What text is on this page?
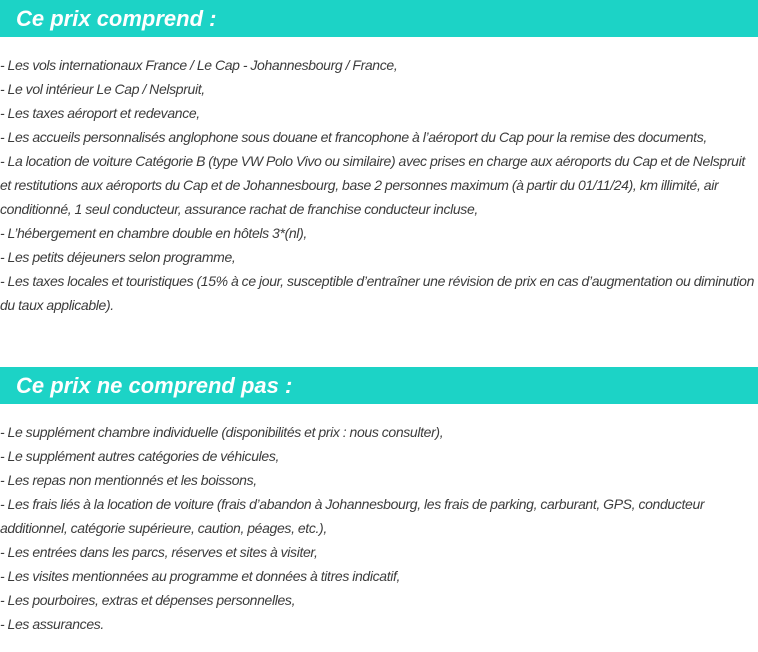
Ce prix comprend :
- Les vols internationaux France / Le Cap - Johannesbourg / France,
- Le vol intérieur Le Cap / Nelspruit,
- Les taxes aéroport et redevance,
- Les accueils personnalisés anglophone sous douane et francophone à l’aéroport du Cap pour la remise des documents,
- La location de voiture Catégorie B (type VW Polo Vivo ou similaire) avec prises en charge aux aéroports du Cap et de Nelspruit et restitutions aux aéroports du Cap et de Johannesbourg, base 2 personnes maximum (à partir du 01/11/24), km illimité, air conditionné, 1 seul conducteur, assurance rachat de franchise conducteur incluse,
- L’hébergement en chambre double en hôtels 3*(nl),
- Les petits déjeuners selon programme,
- Les taxes locales et touristiques (15% à ce jour, susceptible d’entraîner une révision de prix en cas d’augmentation ou diminution du taux applicable).
Ce prix ne comprend pas :
- Le supplément chambre individuelle (disponibilités et prix : nous consulter),
- Le supplément autres catégories de véhicules,
- Les repas non mentionnés et les boissons,
- Les frais liés à la location de voiture (frais d’abandon à Johannesbourg, les frais de parking, carburant, GPS, conducteur additionnel, catégorie supérieure, caution, péages, etc.),
- Les entrées dans les parcs, réserves et sites à visiter,
- Les visites mentionnées au programme et données à titres indicatif,
- Les pourboires, extras et dépenses personnelles,
- Les assurances.
